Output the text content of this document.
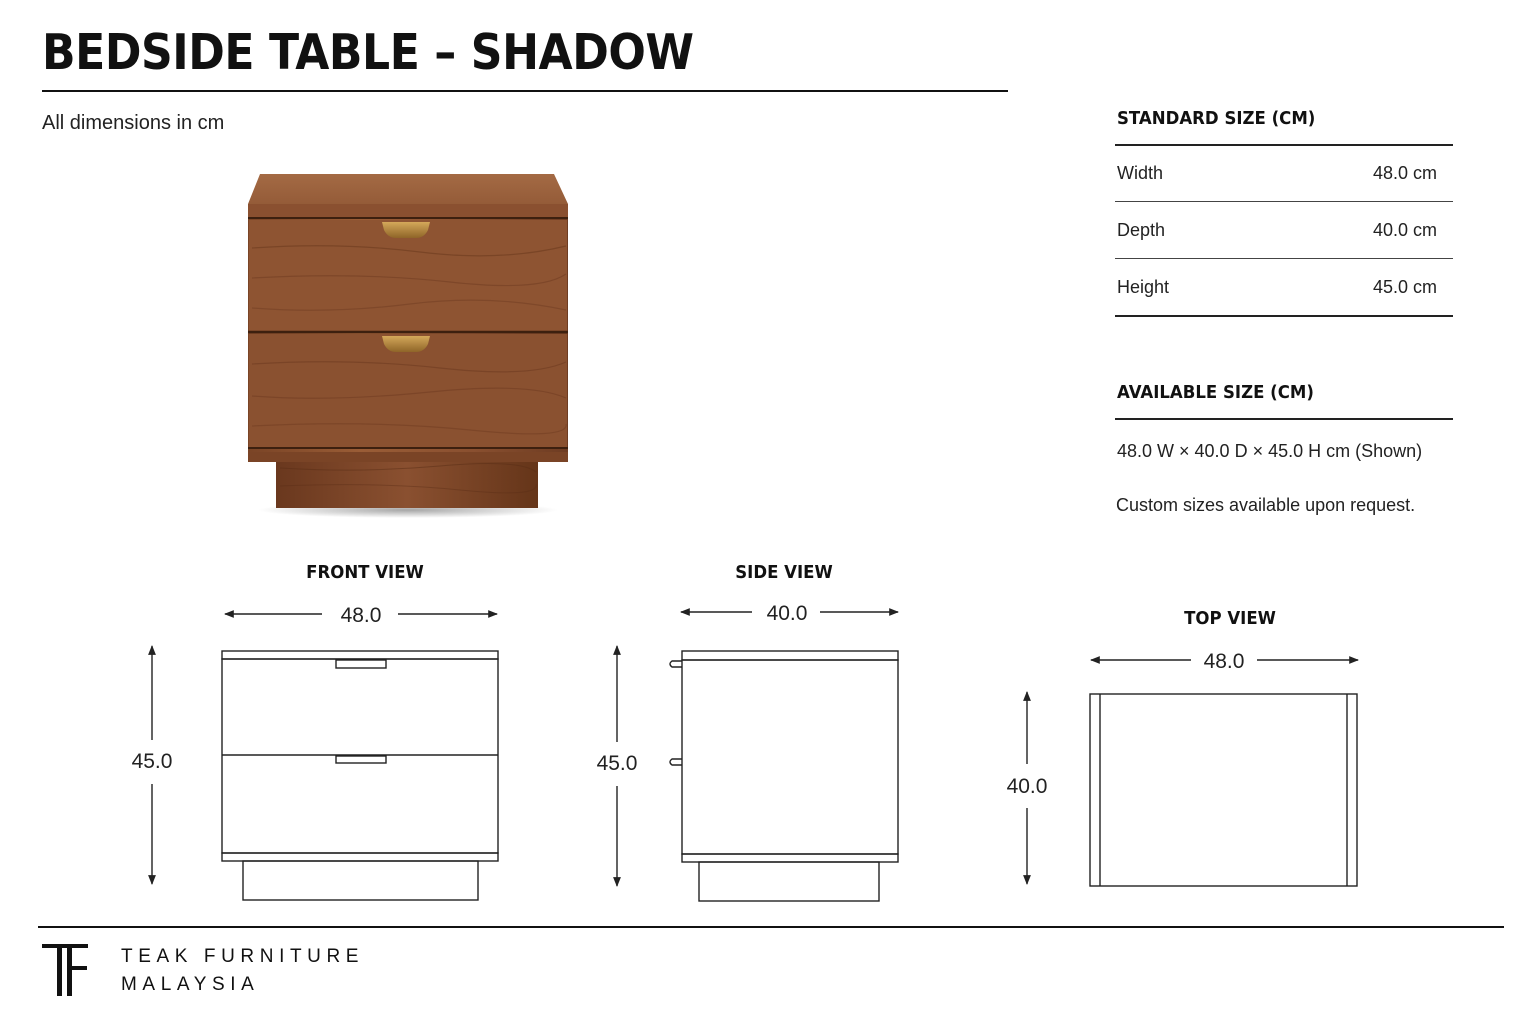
BEDSIDE TABLE – SHADOW
All dimensions in cm	STANDARD SIZE (CM)
Width	48.0 cm
Depth	40.0 cm
Height	45.0 cm
AVAILABLE SIZE (CM)
48.0 W × 40.0 D × 45.0 H cm (Shown)
Custom sizes available upon request.
FRONT VIEW	SIDE VIEW
TOP VIEW
48.0
45.0
40.0
45.0
48.0
40.0
TEAK FURNITURE
MALAYSIA
